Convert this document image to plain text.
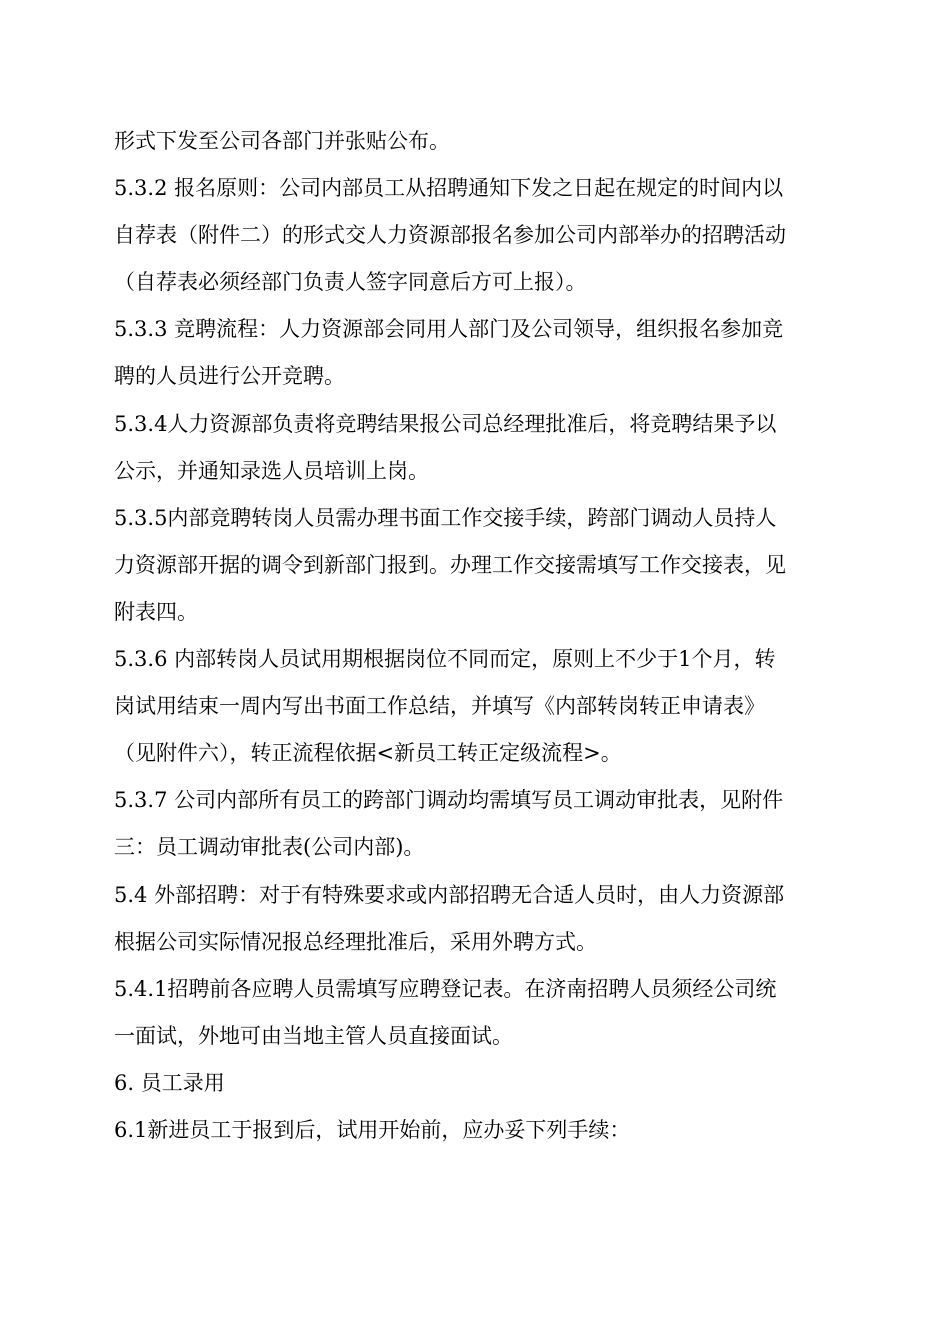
形式下发至公司各部门并张贴公布。
5.3.2 报名原则：公司内部员工从招聘通知下发之日起在规定的时间内以
自荐表（附件二）的形式交人力资源部报名参加公司内部举办的招聘活动
（自荐表必须经部门负责人签字同意后方可上报）。
5.3.3 竞聘流程：人力资源部会同用人部门及公司领导，组织报名参加竞
聘的人员进行公开竞聘。
5.3.4人力资源部负责将竞聘结果报公司总经理批准后，将竞聘结果予以
公示，并通知录选人员培训上岗。
5.3.5内部竞聘转岗人员需办理书面工作交接手续，跨部门调动人员持人
力资源部开据的调令到新部门报到。办理工作交接需填写工作交接表，见
附表四。
5.3.6 内部转岗人员试用期根据岗位不同而定，原则上不少于1个月，转
岗试用结束一周内写出书面工作总结，并填写《内部转岗转正申请表》
（见附件六），转正流程依据<新员工转正定级流程>。
5.3.7 公司内部所有员工的跨部门调动均需填写员工调动审批表，见附件
三：员工调动审批表(公司内部)。
5.4 外部招聘：对于有特殊要求或内部招聘无合适人员时，由人力资源部
根据公司实际情况报总经理批准后，采用外聘方式。
5.4.1招聘前各应聘人员需填写应聘登记表。在济南招聘人员须经公司统
一面试，外地可由当地主管人员直接面试。
6. 员工录用
6.1新进员工于报到后，试用开始前，应办妥下列手续：
